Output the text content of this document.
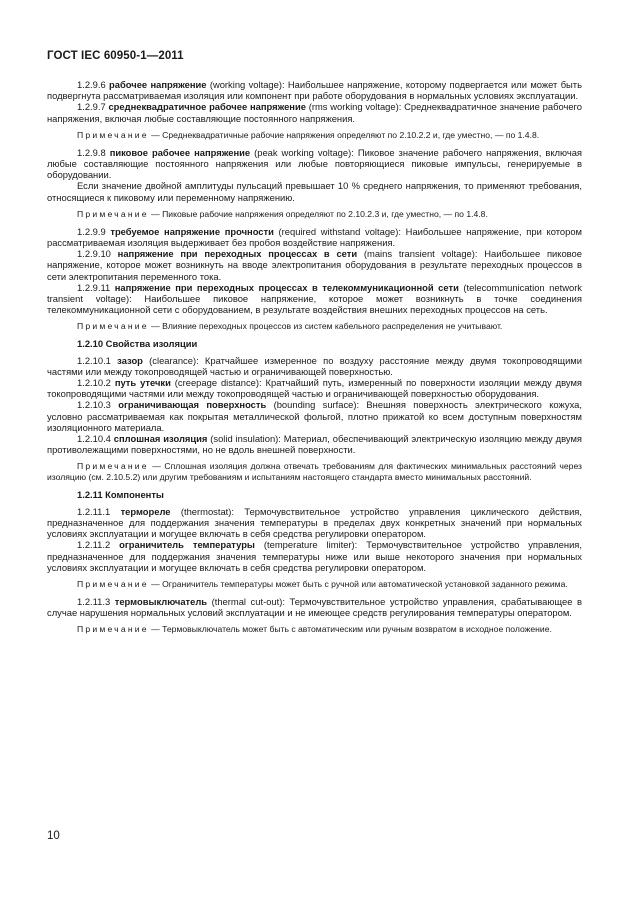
ГОСТ IEC 60950-1—2011

1.2.9.6 рабочее напряжение (working voltage): Наибольшее напряжение, которому подвергается или может быть подвергнута рассматриваемая изоляция или компонент при работе оборудования в нормальных условиях эксплуатации.

1.2.9.7 среднеквадратичное рабочее напряжение (rms working voltage): Среднеквадратичное значение рабочего напряжения, включая любые составляющие постоянного напряжения.

Примечание — Среднеквадратичные рабочие напряжения определяют по 2.10.2.2 и, где уместно, — по 1.4.8.

1.2.9.8 пиковое рабочее напряжение (peak working voltage): Пиковое значение рабочего напряжения, включая любые составляющие постоянного напряжения или любые повторяющиеся пиковые импульсы, генерируемые в оборудовании.

Если значение двойной амплитуды пульсаций превышает 10 % среднего напряжения, то применяют требования, относящиеся к пиковому или переменному напряжению.

Примечание — Пиковые рабочие напряжения определяют по 2.10.2.3 и, где уместно, — по 1.4.8.

1.2.9.9 требуемое напряжение прочности (required withstand voltage): Наибольшее напряжение, при котором рассматриваемая изоляция выдерживает без пробоя воздействие напряжения.

1.2.9.10 напряжение при переходных процессах в сети (mains transient voltage): Наибольшее пиковое напряжение, которое может возникнуть на вводе электропитания оборудования в результате переходных процессов в сети электропитания переменного тока.

1.2.9.11 напряжение при переходных процессах в телекоммуникационной сети (telecommunication network transient voltage): Наибольшее пиковое напряжение, которое может возникнуть в точке соединения телекоммуникационной сети с оборудованием, в результате воздействия внешних переходных процессов на сеть.

Примечание — Влияние переходных процессов из систем кабельного распределения не учитывают.

1.2.10 Свойства изоляции

1.2.10.1 зазор (clearance): Кратчайшее измеренное по воздуху расстояние между двумя токопроводящими частями или между токопроводящей частью и ограничивающей поверхностью.

1.2.10.2 путь утечки (creepage distance): Кратчайший путь, измеренный по поверхности изоляции между двумя токопроводящими частями или между токопроводящей частью и ограничивающей поверхностью оборудования.

1.2.10.3 ограничивающая поверхность (bounding surface): Внешняя поверхность электрического кожуха, условно рассматриваемая как покрытая металлической фольгой, плотно прижатой ко всем доступным поверхностям изоляционного материала.

1.2.10.4 сплошная изоляция (solid insulation): Материал, обеспечивающий электрическую изоляцию между двумя противолежащими поверхностями, но не вдоль внешней поверхности.

Примечание — Сплошная изоляция должна отвечать требованиям для фактических минимальных расстояний через изоляцию (см. 2.10.5.2) или другим требованиям и испытаниям настоящего стандарта вместо минимальных расстояний.

1.2.11 Компоненты

1.2.11.1 термореле (thermostat): Термочувствительное устройство управления циклического действия, предназначенное для поддержания значения температуры в пределах двух конкретных значений при нормальных условиях эксплуатации и могущее включать в себя средства регулировки оператором.

1.2.11.2 ограничитель температуры (temperature limiter): Термочувствительное устройство управления, предназначенное для поддержания значения температуры ниже или выше некоторого значения при нормальных условиях эксплуатации и могущее включать в себя средства регулировки оператором.

Примечание — Ограничитель температуры может быть с ручной или автоматической установкой заданного режима.

1.2.11.3 термовыключатель (thermal cut-out): Термочувствительное устройство управления, срабатывающее в случае нарушения нормальных условий эксплуатации и не имеющее средств регулирования температуры оператором.

Примечание — Термовыключатель может быть с автоматическим или ручным возвратом в исходное положение.

10
